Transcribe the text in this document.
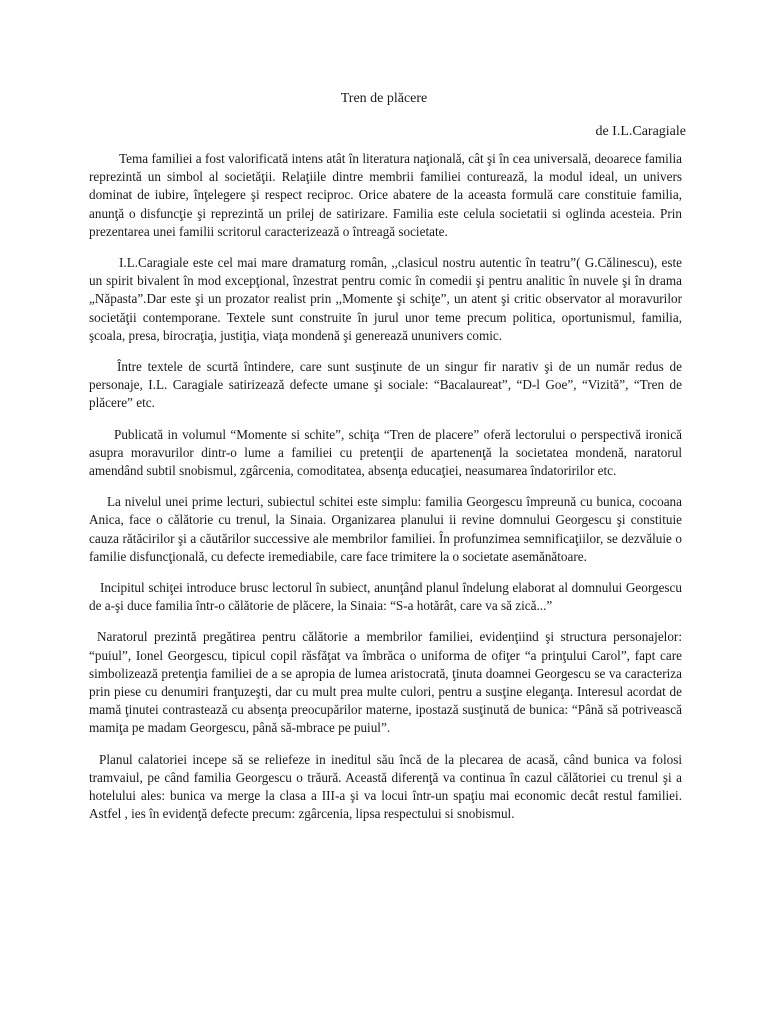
Tren de plăcere
de I.L.Caragiale

Tema familiei a fost valorificată intens atât în literatura naţională, cât şi în cea universală, deoarece familia reprezintă un simbol al societăţii. Relaţiile dintre membrii familiei conturează, la modul ideal, un univers dominat de iubire, înţelegere şi respect reciproc. Orice abatere de la aceasta formulă care constituie familia, anunţă o disfuncţie şi reprezintă un prilej de satirizare. Familia este celula societatii si oglinda acesteia. Prin prezentarea unei familii scritorul caracterizează o întreagă societate.

I.L.Caragiale este cel mai mare dramaturg român, ,,clasicul nostru autentic în teatru”( G.Călinescu), este un spirit bivalent în mod excepţional, înzestrat pentru comic în comedii şi pentru analitic în nuvele şi în drama „Năpasta”.Dar este şi un prozator realist prin ,,Momente şi schiţe”, un atent şi critic observator al moravurilor societăţii contemporane. Textele sunt construite în jurul unor teme precum politica, oportunismul, familia, şcoala, presa, birocraţia, justiţia, viaţa mondenă şi generează ununivers comic.

Între textele de scurtă întindere, care sunt susţinute de un singur fir narativ şi de un număr redus de personaje, I.L. Caragiale satirizează defecte umane şi sociale: “Bacalaureat”, “D-l Goe”, “Vizită”, “Tren de plăcere” etc.

Publicată in volumul “Momente si schite”, schiţa “Tren de placere” oferă lectorului o perspectivă ironică asupra moravurilor dintr-o lume a familiei cu pretenţii de apartenenţă la societatea mondenă, naratorul amendând subtil snobismul, zgârcenia, comoditatea, absenţa educaţiei, neasumarea îndatoririlor etc.

La nivelul unei prime lecturi, subiectul schitei este simplu: familia Georgescu împreună cu bunica, cocoana Anica, face o călătorie cu trenul, la Sinaia. Organizarea planului ii revine domnului Georgescu şi constituie cauza rătăcirilor şi a căutărilor successive ale membrilor familiei. În profunzimea semnificaţiilor, se dezvăluie o familie disfuncţională, cu defecte iremediabile, care face trimitere la o societate asemănătoare.

Incipitul schiţei introduce brusc lectorul în subiect, anunţând planul îndelung elaborat al domnului Georgescu de a-şi duce familia într-o călătorie de plăcere, la Sinaia: “S-a hotărât, care va să zică...”

Naratorul prezintă pregătirea pentru călătorie a membrilor familiei, evidenţiind şi structura personajelor: “puiul”, Ionel Georgescu, tipicul copil răsfăţat va îmbrăca o uniforma de ofiţer “a prinţului Carol”, fapt care simbolizează pretenţia familiei de a se apropia de lumea aristocrată, ţinuta doamnei Georgescu se va caracteriza prin piese cu denumiri franţuzeşti, dar cu mult prea multe culori, pentru a susţine eleganţa. Interesul acordat de mamă ţinutei contrastează cu absenţa preocupărilor materne, ipostază susţinută de bunica: “Până să potrivească mamiţa pe madam Georgescu, până să-mbrace pe puiul”.

Planul calatoriei incepe să se reliefeze in ineditul său încă de la plecarea de acasă, când bunica va folosi tramvaiul, pe când familia Georgescu o trăură. Această diferenţă va continua în cazul călătoriei cu trenul şi a hotelului ales: bunica va merge la clasa a III-a şi va locui într-un spaţiu mai economic decât restul familiei. Astfel , ies în evidenţă defecte precum: zgârcenia, lipsa respectului si snobismul.
